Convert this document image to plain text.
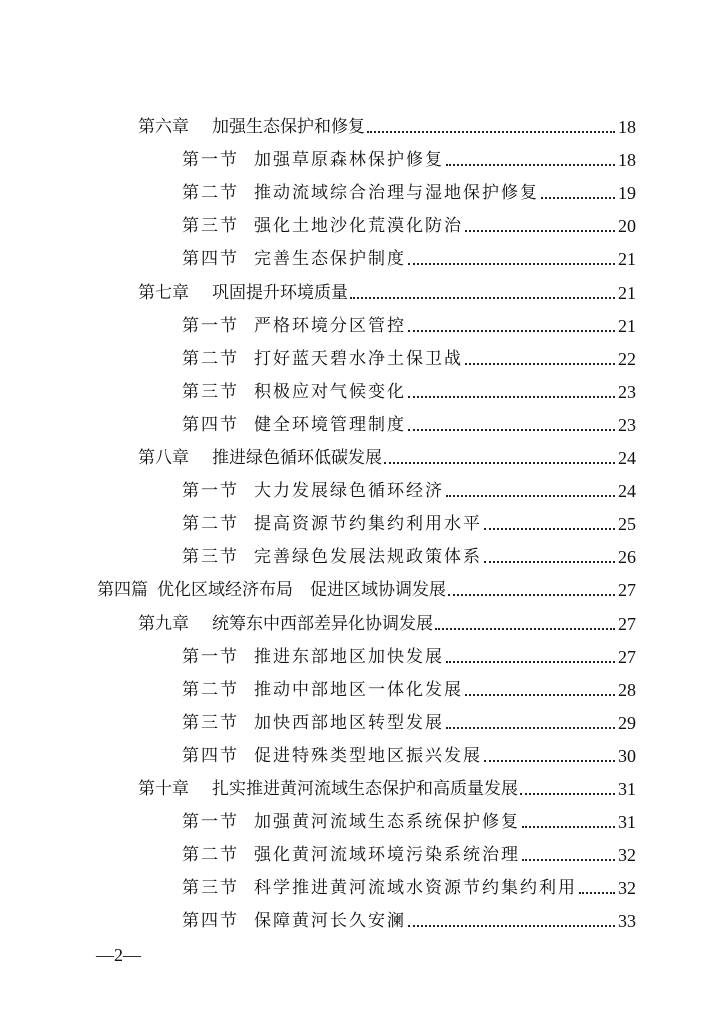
第六章	加强生态保护和修复	18
第一节 加强草原森林保护修复	18
第二节 推动流域综合治理与湿地保护修复	19
第三节 强化土地沙化荒漠化防治	20
第四节 完善生态保护制度	21
第七章	巩固提升环境质量	21
第一节 严格环境分区管控	21
第二节 打好蓝天碧水净土保卫战	22
第三节 积极应对气候变化	23
第四节 健全环境管理制度	23
第八章	推进绿色循环低碳发展	24
第一节 大力发展绿色循环经济	24
第二节 提高资源节约集约利用水平	25
第三节 完善绿色发展法规政策体系	26
第四篇 优化区域经济布局　促进区域协调发展	27
第九章	统筹东中西部差异化协调发展	27
第一节 推进东部地区加快发展	27
第二节 推动中部地区一体化发展	28
第三节 加快西部地区转型发展	29
第四节 促进特殊类型地区振兴发展	30
第十章	扎实推进黄河流域生态保护和高质量发展	31
第一节 加强黄河流域生态系统保护修复	31
第二节 强化黄河流域环境污染系统治理	32
第三节 科学推进黄河流域水资源节约集约利用 32
第四节 保障黄河长久安澜	33
—2—
